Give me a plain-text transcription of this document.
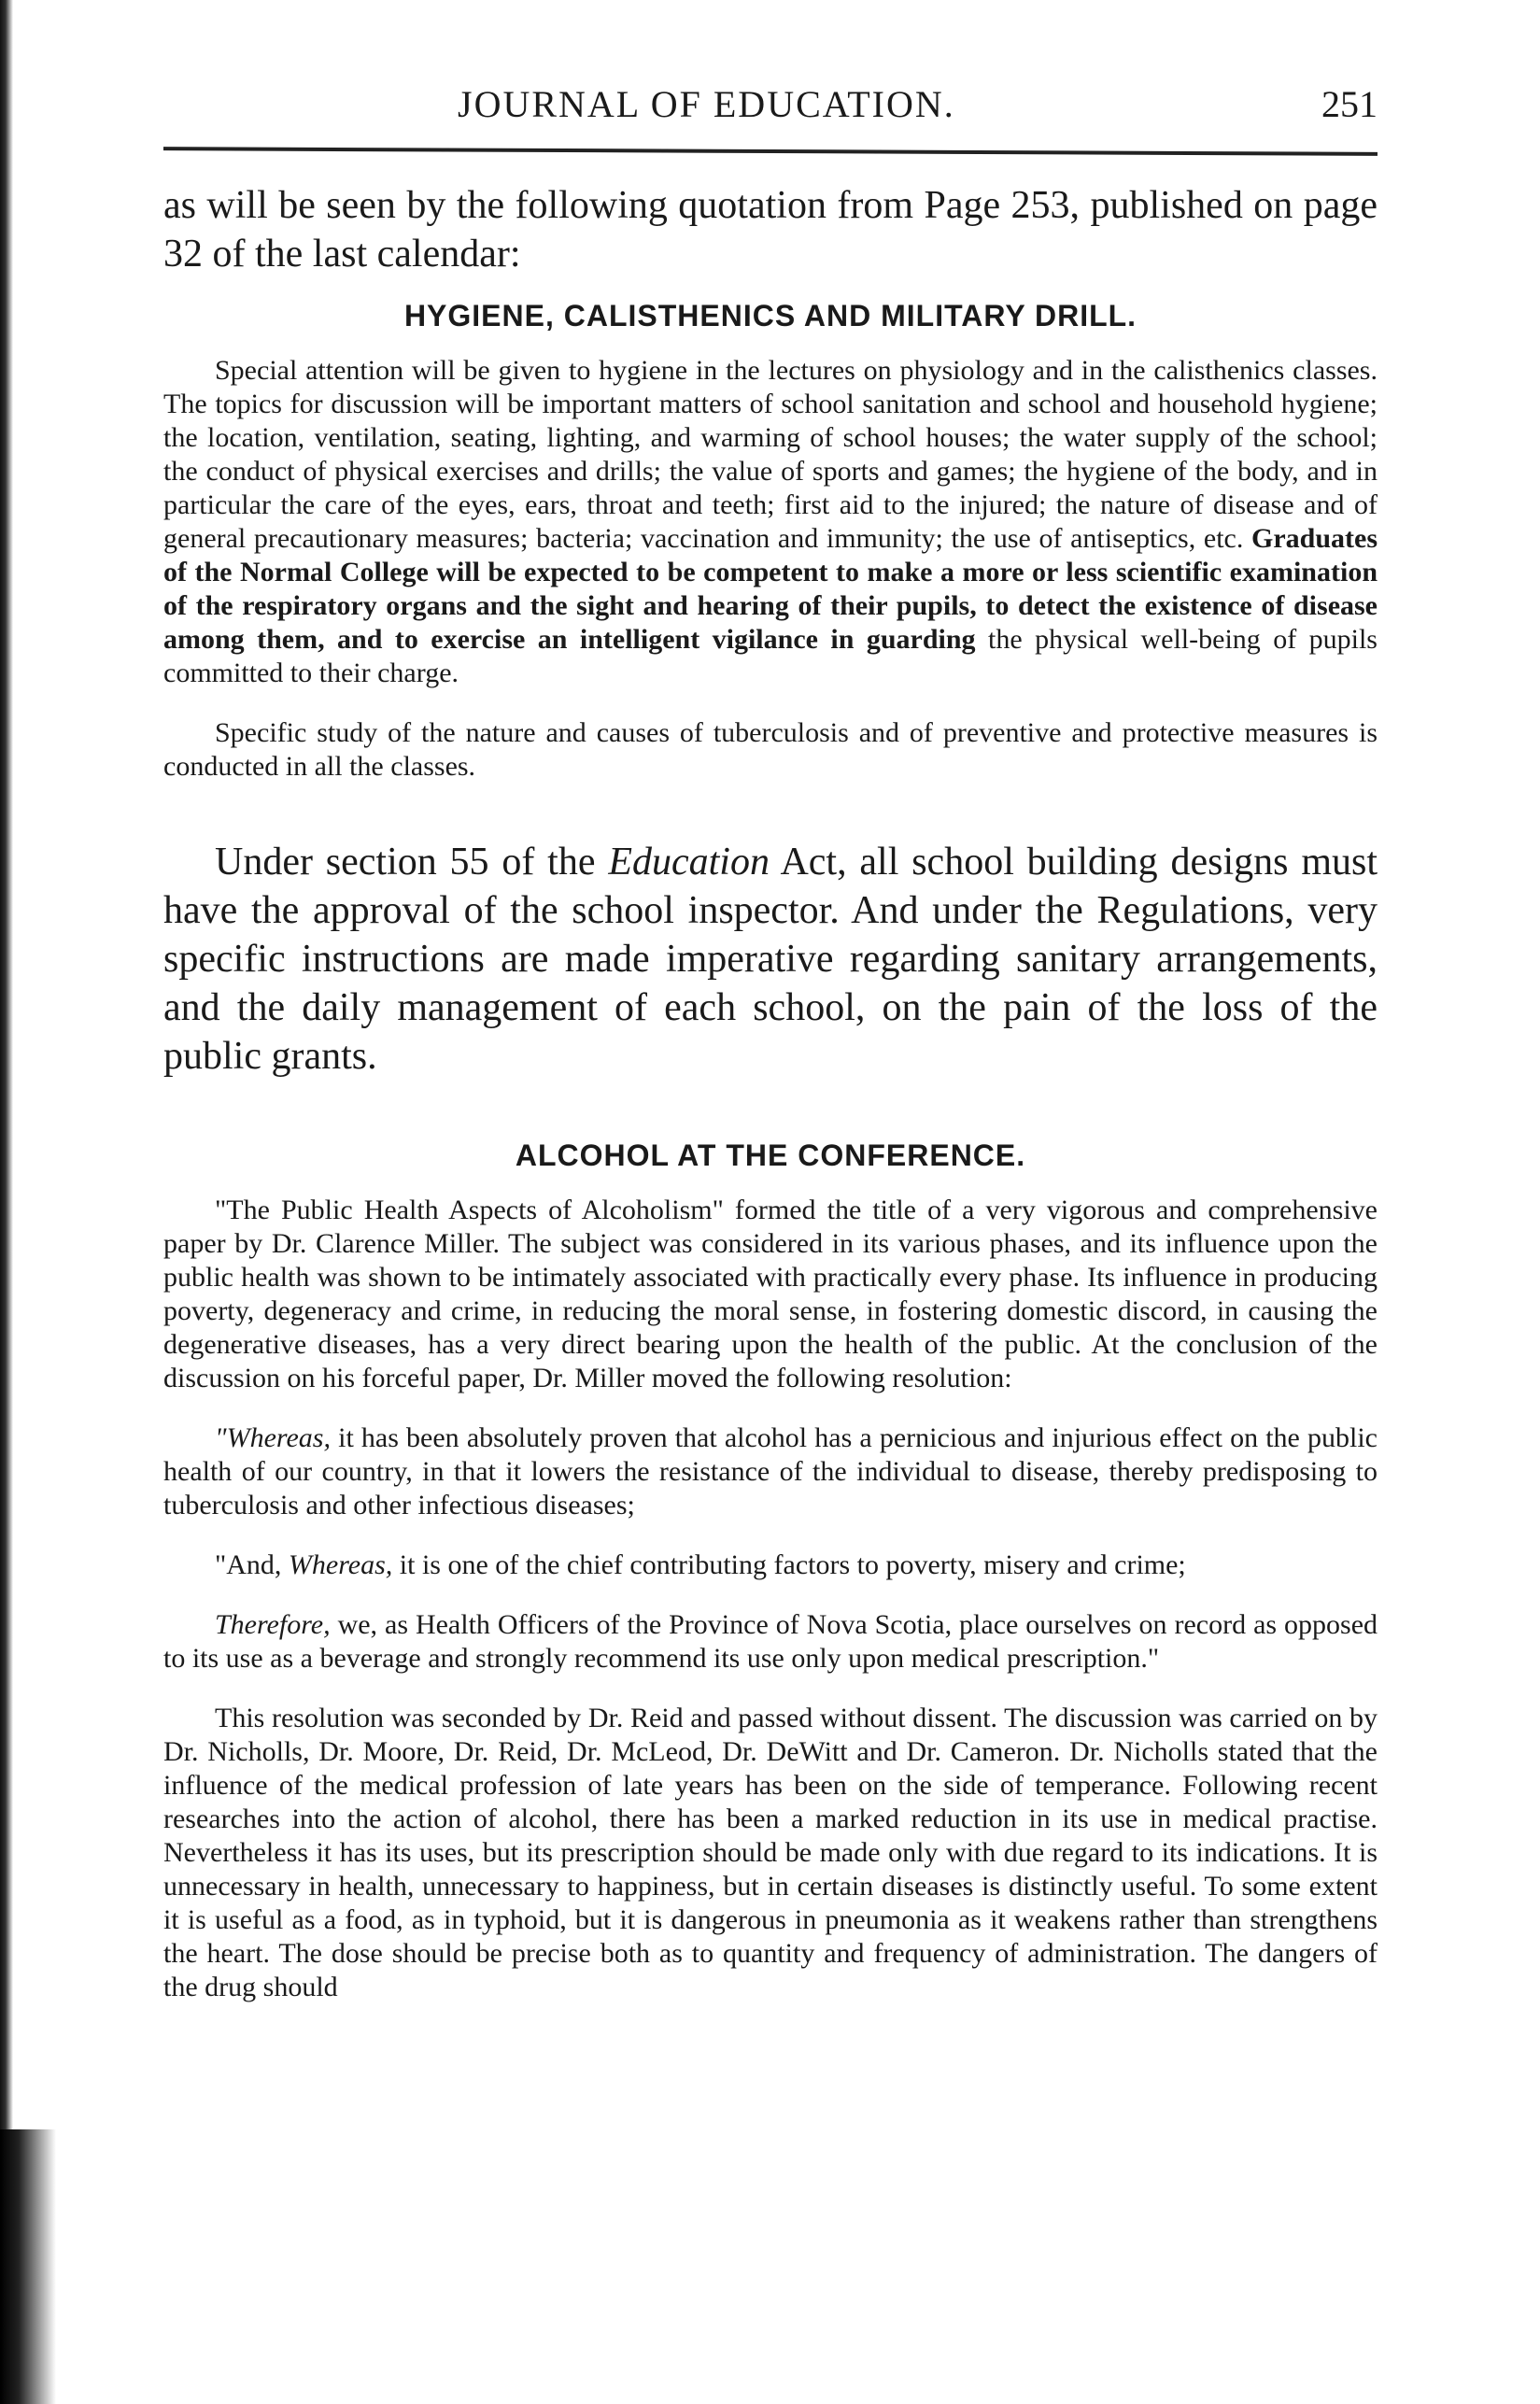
JOURNAL OF EDUCATION.	251

as will be seen by the following quotation from Page 253, published on page 32 of the last calendar:

HYGIENE, CALISTHENICS AND MILITARY DRILL.

Special attention will be given to hygiene in the lectures on physiology and in the calisthenics classes. The topics for discussion will be important matters of school sanitation and school and household hygiene; the location, ventilation, seating, lighting, and warming of school houses; the water supply of the school; the conduct of physical exercises and drills; the value of sports and games; the hygiene of the body, and in particular the care of the eyes, ears, throat and teeth; first aid to the injured; the nature of disease and of general precautionary measures; bacteria; vaccination and immunity; the use of antiseptics, etc. Graduates of the Normal College will be expected to be competent to make a more or less scientific examination of the respiratory organs and the sight and hearing of their pupils, to detect the existence of disease among them, and to exercise an intelligent vigilance in guarding the physical well-being of pupils committed to their charge.

Specific study of the nature and causes of tuberculosis and of preventive and protective measures is conducted in all the classes.

Under section 55 of the Education Act, all school building designs must have the approval of the school inspector. And under the Regulations, very specific instructions are made imperative regarding sanitary arrangements, and the daily management of each school, on the pain of the loss of the public grants.

ALCOHOL AT THE CONFERENCE.

"The Public Health Aspects of Alcoholism" formed the title of a very vigorous and comprehensive paper by Dr. Clarence Miller. The subject was considered in its various phases, and its influence upon the public health was shown to be intimately associated with practically every phase. Its influence in producing poverty, degeneracy and crime, in reducing the moral sense, in fostering domestic discord, in causing the degenerative diseases, has a very direct bearing upon the health of the public. At the conclusion of the discussion on his forceful paper, Dr. Miller moved the following resolution:

"Whereas, it has been absolutely proven that alcohol has a pernicious and injurious effect on the public health of our country, in that it lowers the resistance of the individual to disease, thereby predisposing to tuberculosis and other infectious diseases;

"And, Whereas, it is one of the chief contributing factors to poverty, misery and crime;

Therefore, we, as Health Officers of the Province of Nova Scotia, place ourselves on record as opposed to its use as a beverage and strongly recommend its use only upon medical prescription."

This resolution was seconded by Dr. Reid and passed without dissent. The discussion was carried on by Dr. Nicholls, Dr. Moore, Dr. Reid, Dr. McLeod, Dr. DeWitt and Dr. Cameron. Dr. Nicholls stated that the influence of the medical profession of late years has been on the side of temperance. Following recent researches into the action of alcohol, there has been a marked reduction in its use in medical practise. Nevertheless it has its uses, but its prescription should be made only with due regard to its indications. It is unnecessary in health, unnecessary to happiness, but in certain diseases is distinctly useful. To some extent it is useful as a food, as in typhoid, but it is dangerous in pneumonia as it weakens rather than strengthens the heart. The dose should be precise both as to quantity and frequency of administration. The dangers of the drug should
